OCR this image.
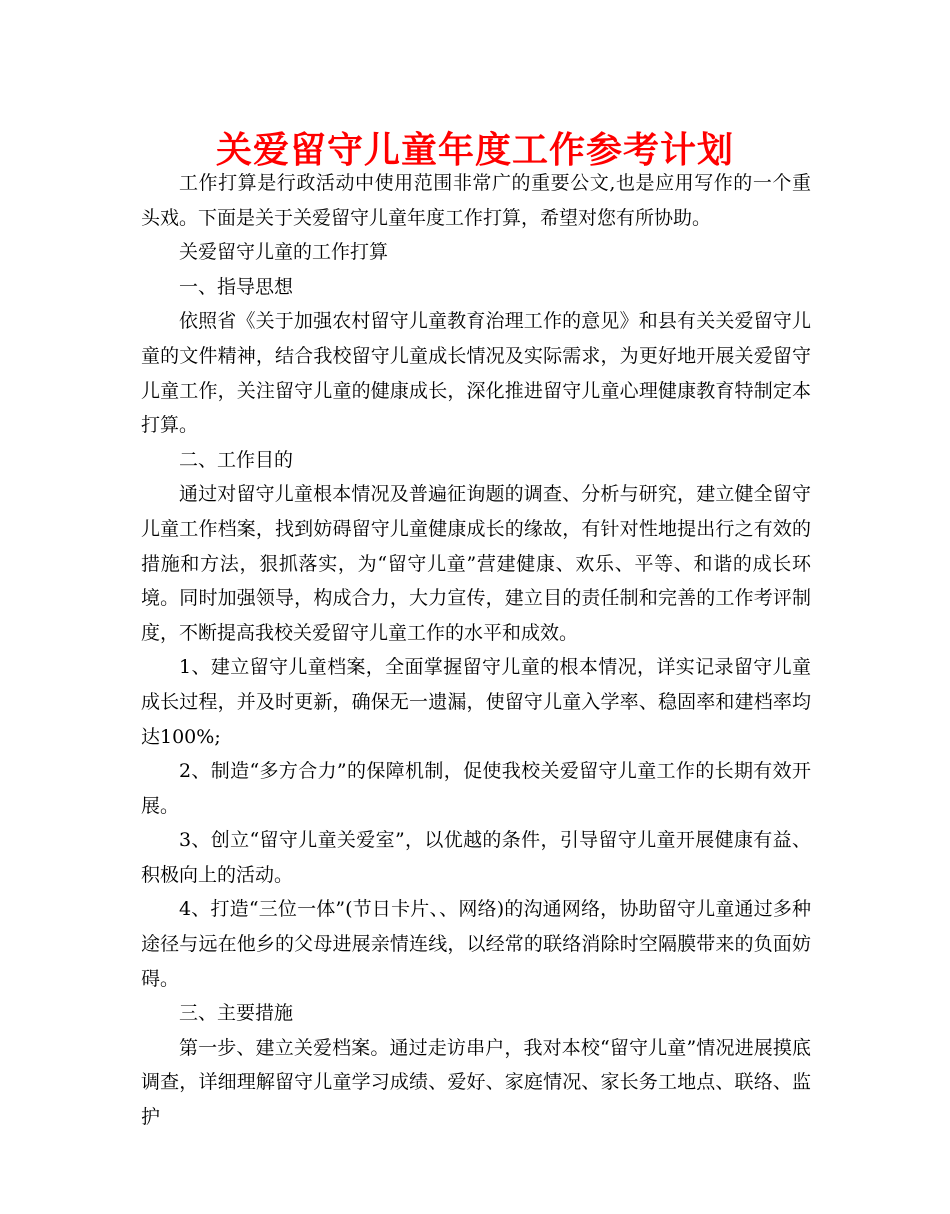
关爱留守儿童年度工作参考计划

工作打算是行政活动中使用范围非常广的重要公文,也是应用写作的一个重头戏。下面是关于关爱留守儿童年度工作打算，希望对您有所协助。

关爱留守儿童的工作打算

一、指导思想

依照省《关于加强农村留守儿童教育治理工作的意见》和县有关关爱留守儿童的文件精神，结合我校留守儿童成长情况及实际需求，为更好地开展关爱留守儿童工作，关注留守儿童的健康成长，深化推进留守儿童心理健康教育特制定本打算。

二、工作目的

通过对留守儿童根本情况及普遍征询题的调查、分析与研究，建立健全留守儿童工作档案，找到妨碍留守儿童健康成长的缘故，有针对性地提出行之有效的措施和方法，狠抓落实，为“留守儿童”营建健康、欢乐、平等、和谐的成长环境。同时加强领导，构成合力，大力宣传，建立目的责任制和完善的工作考评制度，不断提高我校关爱留守儿童工作的水平和成效。

1、建立留守儿童档案，全面掌握留守儿童的根本情况，详实记录留守儿童成长过程，并及时更新，确保无一遗漏，使留守儿童入学率、稳固率和建档率均达100%;

2、制造“多方合力”的保障机制，促使我校关爱留守儿童工作的长期有效开展。

3、创立“留守儿童关爱室”，以优越的条件，引导留守儿童开展健康有益、积极向上的活动。

4、打造“三位一体”(节日卡片、、网络)的沟通网络，协助留守儿童通过多种途径与远在他乡的父母进展亲情连线，以经常的联络消除时空隔膜带来的负面妨碍。

三、主要措施

第一步、建立关爱档案。通过走访串户，我对本校“留守儿童”情况进展摸底调查，详细理解留守儿童学习成绩、爱好、家庭情况、家长务工地点、联络、监护
